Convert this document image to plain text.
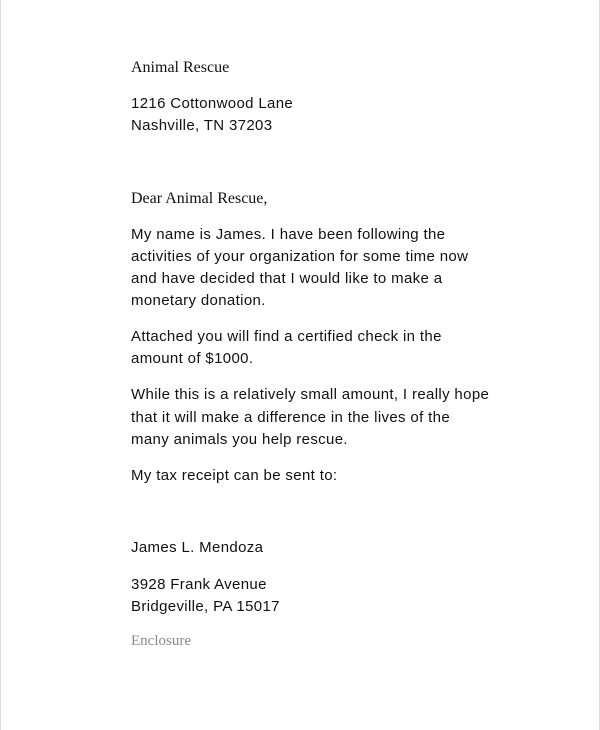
Animal Rescue

1216 Cottonwood Lane

Nashville, TN 37203

Dear Animal Rescue,

My name is James. I have been following the

activities of your organization for some time now

and have decided that I would like to make a

monetary donation.

Attached you will find a certified check in the

amount of $1000.

While this is a relatively small amount, I really hope

that it will make a difference in the lives of the

many animals you help rescue.

My tax receipt can be sent to:

James L. Mendoza

3928 Frank Avenue

Bridgeville, PA 15017

Enclosure
